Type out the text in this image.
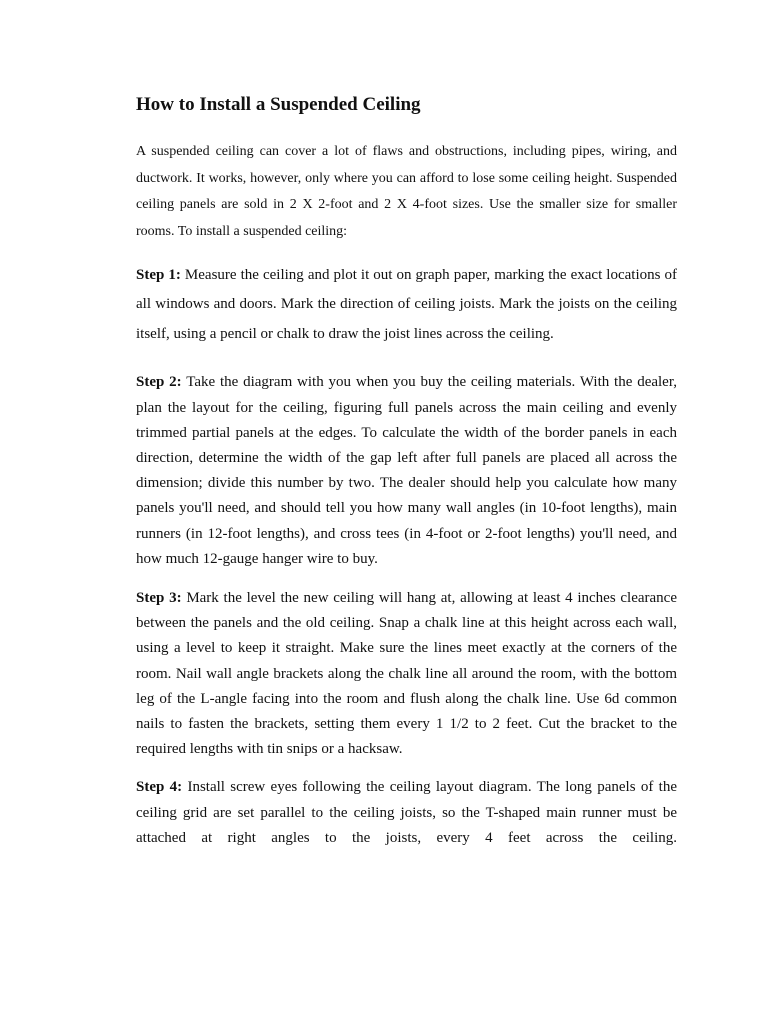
How to Install a Suspended Ceiling

A suspended ceiling can cover a lot of flaws and obstructions, including pipes, wiring, and ductwork. It works, however, only where you can afford to lose some ceiling height. Suspended ceiling panels are sold in 2 X 2-foot and 2 X 4-foot sizes. Use the smaller size for smaller rooms. To install a suspended ceiling:

Step 1: Measure the ceiling and plot it out on graph paper, marking the exact locations of all windows and doors. Mark the direction of ceiling joists. Mark the joists on the ceiling itself, using a pencil or chalk to draw the joist lines across the ceiling.

Step 2: Take the diagram with you when you buy the ceiling materials. With the dealer, plan the layout for the ceiling, figuring full panels across the main ceiling and evenly trimmed partial panels at the edges. To calculate the width of the border panels in each direction, determine the width of the gap left after full panels are placed all across the dimension; divide this number by two. The dealer should help you calculate how many panels you'll need, and should tell you how many wall angles (in 10-foot lengths), main runners (in 12-foot lengths), and cross tees (in 4-foot or 2-foot lengths) you'll need, and how much 12-gauge hanger wire to buy.

Step 3: Mark the level the new ceiling will hang at, allowing at least 4 inches clearance between the panels and the old ceiling. Snap a chalk line at this height across each wall, using a level to keep it straight. Make sure the lines meet exactly at the corners of the room. Nail wall angle brackets along the chalk line all around the room, with the bottom leg of the L-angle facing into the room and flush along the chalk line. Use 6d common nails to fasten the brackets, setting them every 1 1/2 to 2 feet. Cut the bracket to the required lengths with tin snips or a hacksaw.

Step 4: Install screw eyes following the ceiling layout diagram. The long panels of the ceiling grid are set parallel to the ceiling joists, so the T-shaped main runner must be attached at right angles to the joists, every 4 feet across the ceiling.
